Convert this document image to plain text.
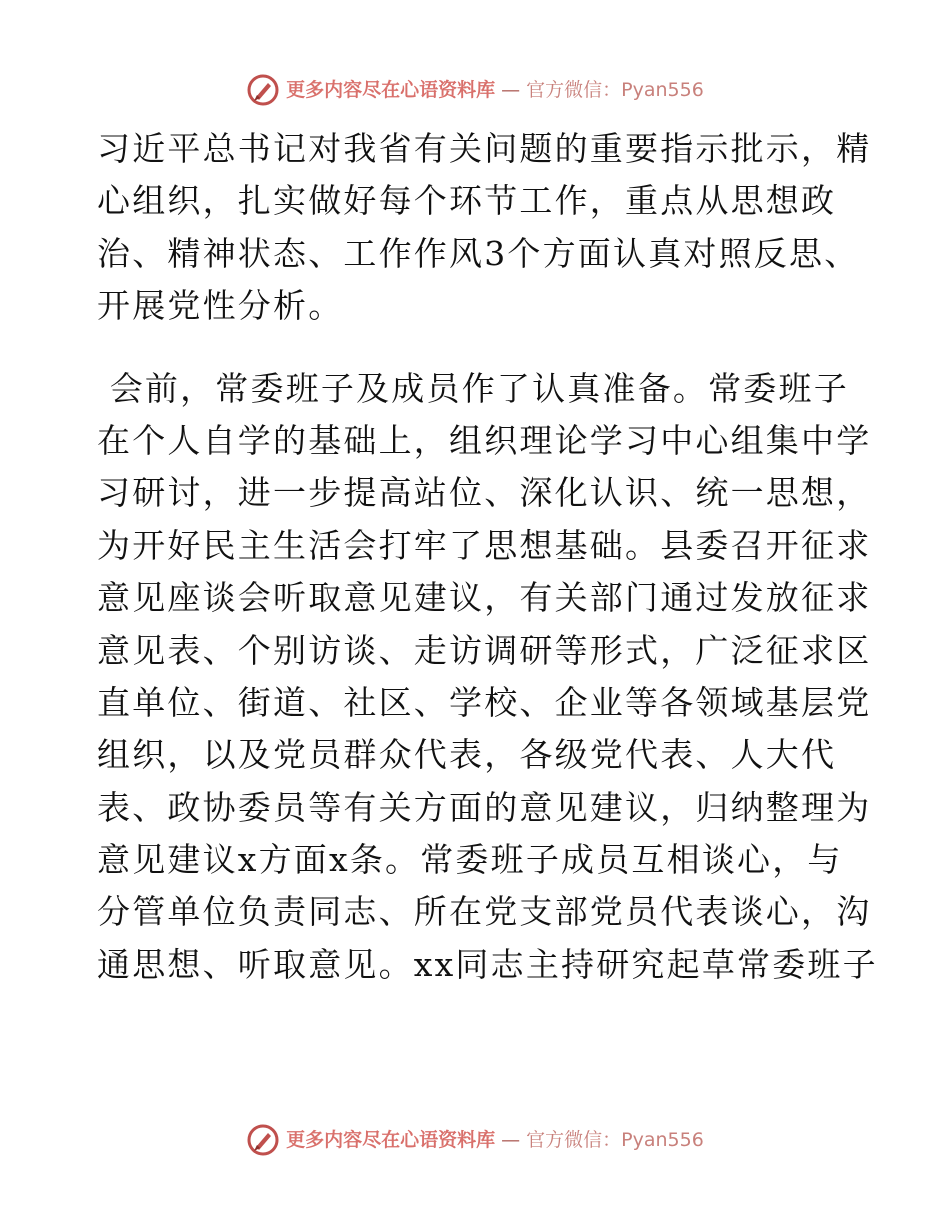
更多内容尽在心语资料库 — 官方微信：Pyan556

习近平总书记对我省有关问题的重要指示批示，精
心组织，扎实做好每个环节工作，重点从思想政
治、精神状态、工作作风3个方面认真对照反思、
开展党性分析。

会前，常委班子及成员作了认真准备。常委班子
在个人自学的基础上，组织理论学习中心组集中学
习研讨，进一步提高站位、深化认识、统一思想，
为开好民主生活会打牢了思想基础。县委召开征求
意见座谈会听取意见建议，有关部门通过发放征求
意见表、个别访谈、走访调研等形式，广泛征求区
直单位、街道、社区、学校、企业等各领域基层党
组织，以及党员群众代表，各级党代表、人大代
表、政协委员等有关方面的意见建议，归纳整理为
意见建议x方面x条。常委班子成员互相谈心，与
分管单位负责同志、所在党支部党员代表谈心，沟
通思想、听取意见。xx同志主持研究起草常委班子

更多内容尽在心语资料库 — 官方微信：Pyan556
